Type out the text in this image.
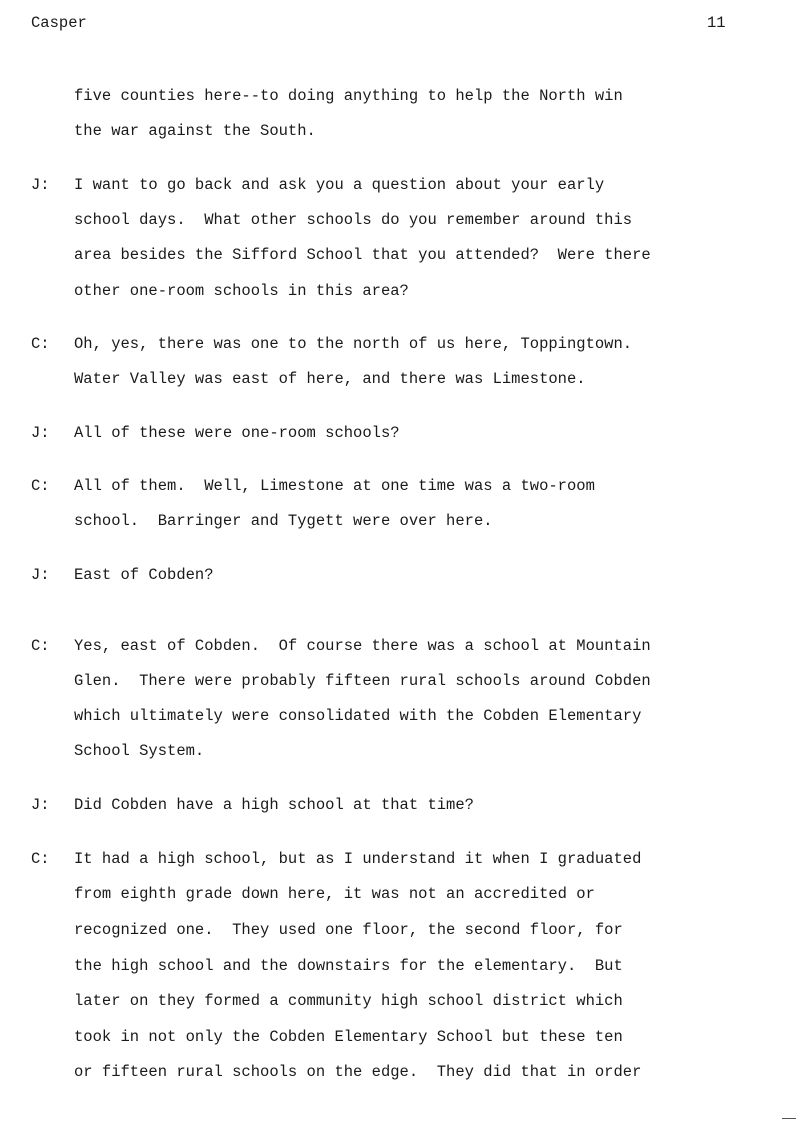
Casper	11
five counties here--to doing anything to help the North win
the war against the South.
J: I want to go back and ask you a question about your early
school days.  What other schools do you remember around this
area besides the Sifford School that you attended?  Were there
other one-room schools in this area?
C: Oh, yes, there was one to the north of us here, Toppingtown.
Water Valley was east of here, and there was Limestone.
J: All of these were one-room schools?
C: All of them.  Well, Limestone at one time was a two-room
school.  Barringer and Tygett were over here.
J: East of Cobden?
C: Yes, east of Cobden.  Of course there was a school at Mountain
Glen.  There were probably fifteen rural schools around Cobden
which ultimately were consolidated with the Cobden Elementary
School System.
J: Did Cobden have a high school at that time?
C: It had a high school, but as I understand it when I graduated
from eighth grade down here, it was not an accredited or
recognized one.  They used one floor, the second floor, for
the high school and the downstairs for the elementary.  But
later on they formed a community high school district which
took in not only the Cobden Elementary School but these ten
or fifteen rural schools on the edge.  They did that in order
